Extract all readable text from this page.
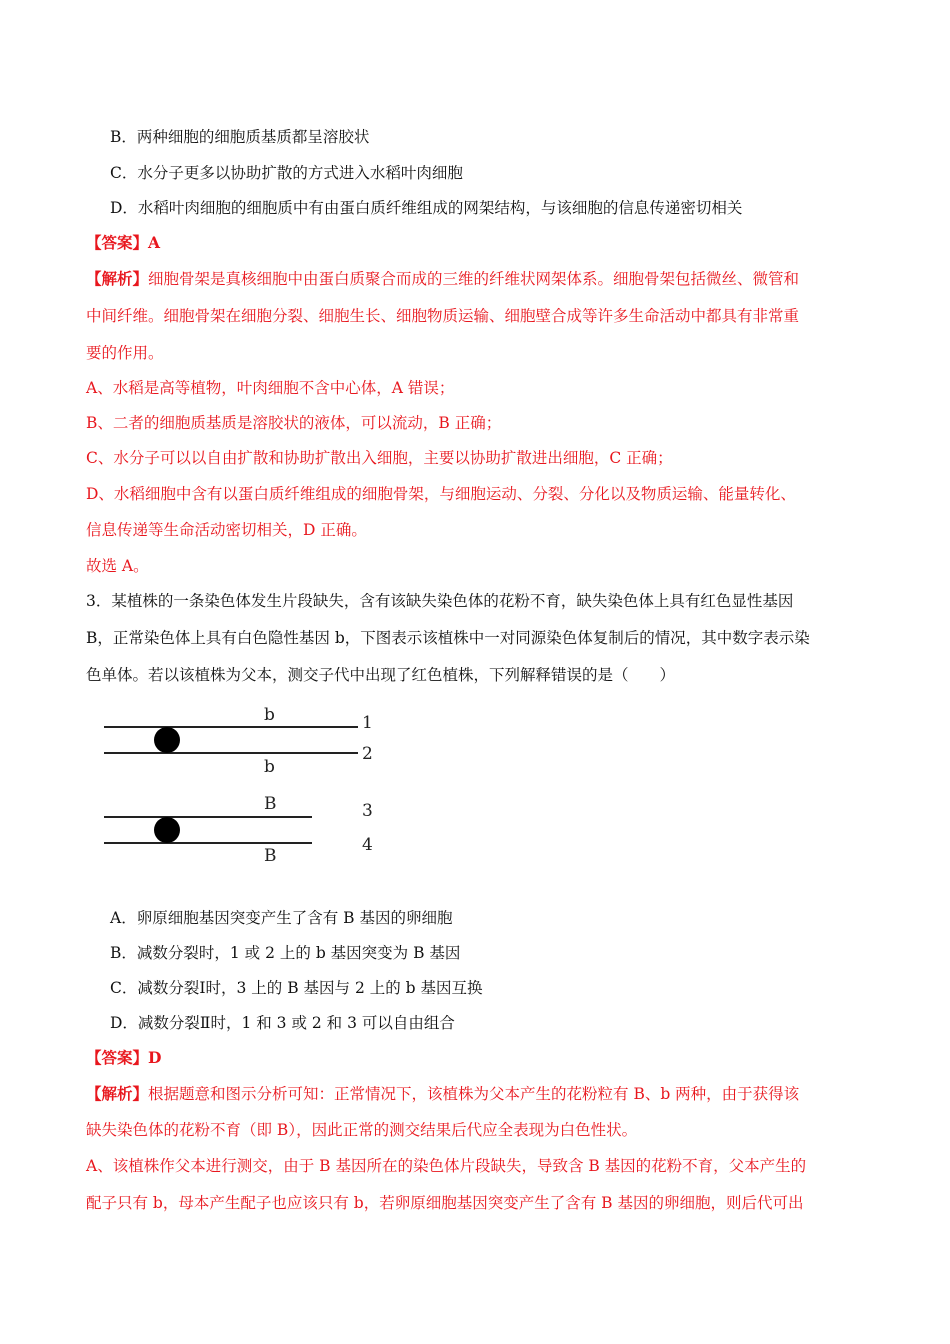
B．两种细胞的细胞质基质都呈溶胶状
C．水分子更多以协助扩散的方式进入水稻叶肉细胞
D．水稻叶肉细胞的细胞质中有由蛋白质纤维组成的网架结构，与该细胞的信息传递密切相关
【答案】A
【解析】细胞骨架是真核细胞中由蛋白质聚合而成的三维的纤维状网架体系。细胞骨架包括微丝、微管和
中间纤维。细胞骨架在细胞分裂、细胞生长、细胞物质运输、细胞壁合成等许多生命活动中都具有非常重
要的作用。
A、水稻是高等植物，叶肉细胞不含中心体，A 错误；
B、二者的细胞质基质是溶胶状的液体，可以流动，B 正确；
C、水分子可以以自由扩散和协助扩散出入细胞，主要以协助扩散进出细胞，C 正确；
D、水稻细胞中含有以蛋白质纤维组成的细胞骨架，与细胞运动、分裂、分化以及物质运输、能量转化、
信息传递等生命活动密切相关，D 正确。
故选 A。
3．某植株的一条染色体发生片段缺失，含有该缺失染色体的花粉不育，缺失染色体上具有红色显性基因
B，正常染色体上具有白色隐性基因 b，下图表示该植株中一对同源染色体复制后的情况，其中数字表示染
色单体。若以该植株为父本，测交子代中出现了红色植株，下列解释错误的是（　　）
b
b
1
2
B
B
3
4
A．卵原细胞基因突变产生了含有 B 基因的卵细胞
B．减数分裂时，1 或 2 上的 b 基因突变为 B 基因
C．减数分裂Ⅰ时，3 上的 B 基因与 2 上的 b 基因互换
D．减数分裂Ⅱ时，1 和 3 或 2 和 3 可以自由组合
【答案】D
【解析】根据题意和图示分析可知：正常情况下，该植株为父本产生的花粉粒有 B、b 两种，由于获得该
缺失染色体的花粉不育（即 B），因此正常的测交结果后代应全表现为白色性状。
A、该植株作父本进行测交，由于 B 基因所在的染色体片段缺失，导致含 B 基因的花粉不育，父本产生的
配子只有 b，母本产生配子也应该只有 b，若卵原细胞基因突变产生了含有 B 基因的卵细胞，则后代可出
